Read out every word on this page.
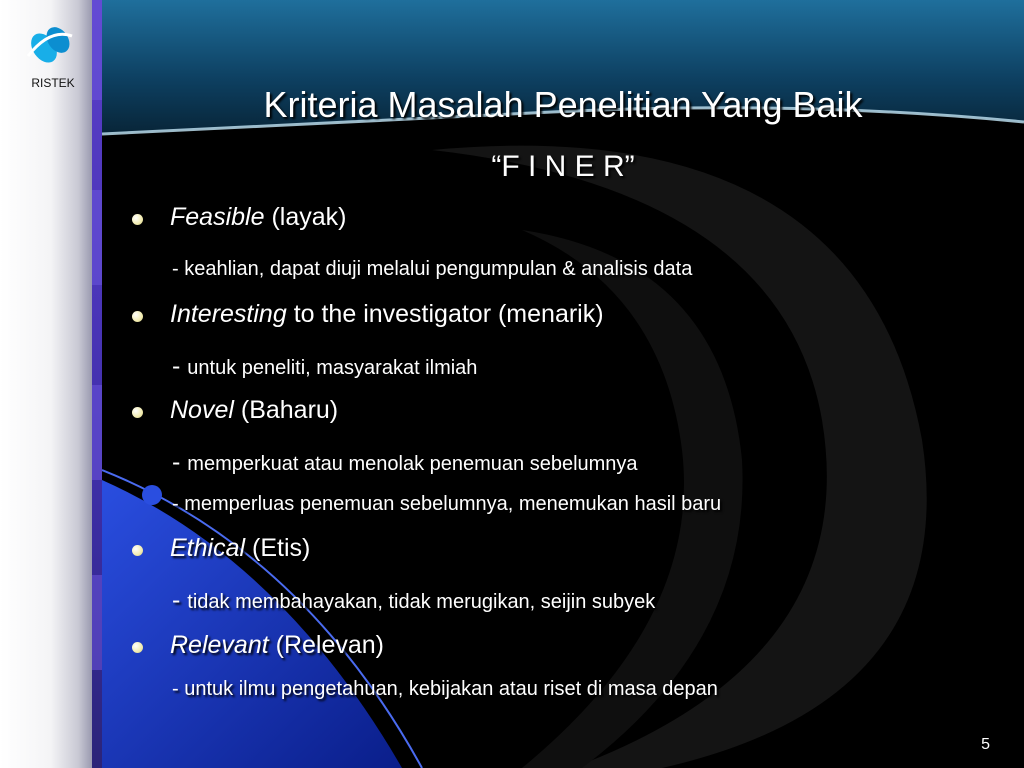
RISTEK
Kriteria Masalah Penelitian Yang Baik
“F I N E R”
Feasible (layak)
- keahlian, dapat diuji melalui pengumpulan & analisis data
Interesting to the investigator (menarik)
- untuk peneliti, masyarakat ilmiah
Novel (Baharu)
- memperkuat atau menolak penemuan sebelumnya
- memperluas penemuan sebelumnya, menemukan hasil baru
Ethical (Etis)
- tidak membahayakan, tidak merugikan, seijin subyek
Relevant (Relevan)
- untuk ilmu pengetahuan, kebijakan atau riset di masa depan
5
